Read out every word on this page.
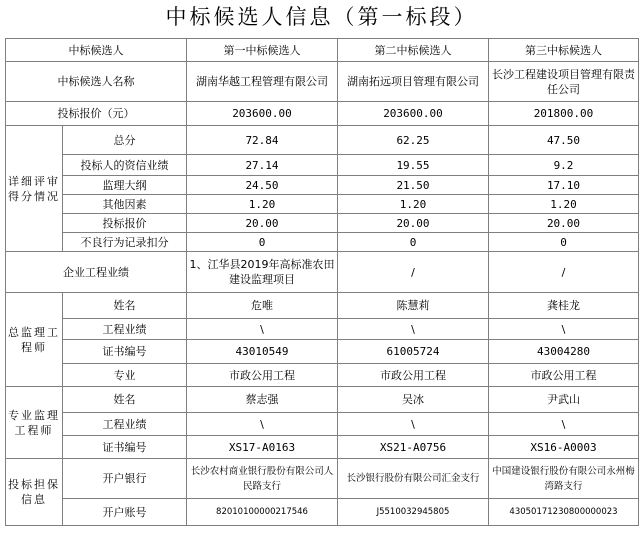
中标候选人信息（第一标段）
中标候选人		第一中标候选人	第二中标候选人	第三中标候选人
中标候选人名称		湖南华越工程管理有限公司	湖南拓远项目管理有限公司	长沙工程建设项目管理有限责任公司
投标报价（元）		203600.00	203600.00	201800.00
详细评审得分情况	总分	72.84	62.25	47.50
	投标人的资信业绩	27.14	19.55	9.2
	监理大纲	24.50	21.50	17.10
	其他因素	1.20	1.20	1.20
	投标报价	20.00	20.00	20.00
	不良行为记录扣分	0	0	0
企业工程业绩		1、江华县2019年高标准农田建设监理项目	/	/
总监理工程师	姓名	危唯	陈慧莉	龚桂龙
	工程业绩	\	\	\
	证书编号	43010549	61005724	43004280
	专业	市政公用工程	市政公用工程	市政公用工程
专业监理工程师	姓名	蔡志强	吴冰	尹武山
	工程业绩	\	\	\
	证书编号	XS17-A0163	XS21-A0756	XS16-A0003
投标担保信息	开户银行	长沙农村商业银行股份有限公司人民路支行	长沙银行股份有限公司汇金支行	中国建设银行股份有限公司永州梅湾路支行
	开户账号	82010100000217546	J5510032945805	43050171230800000023
